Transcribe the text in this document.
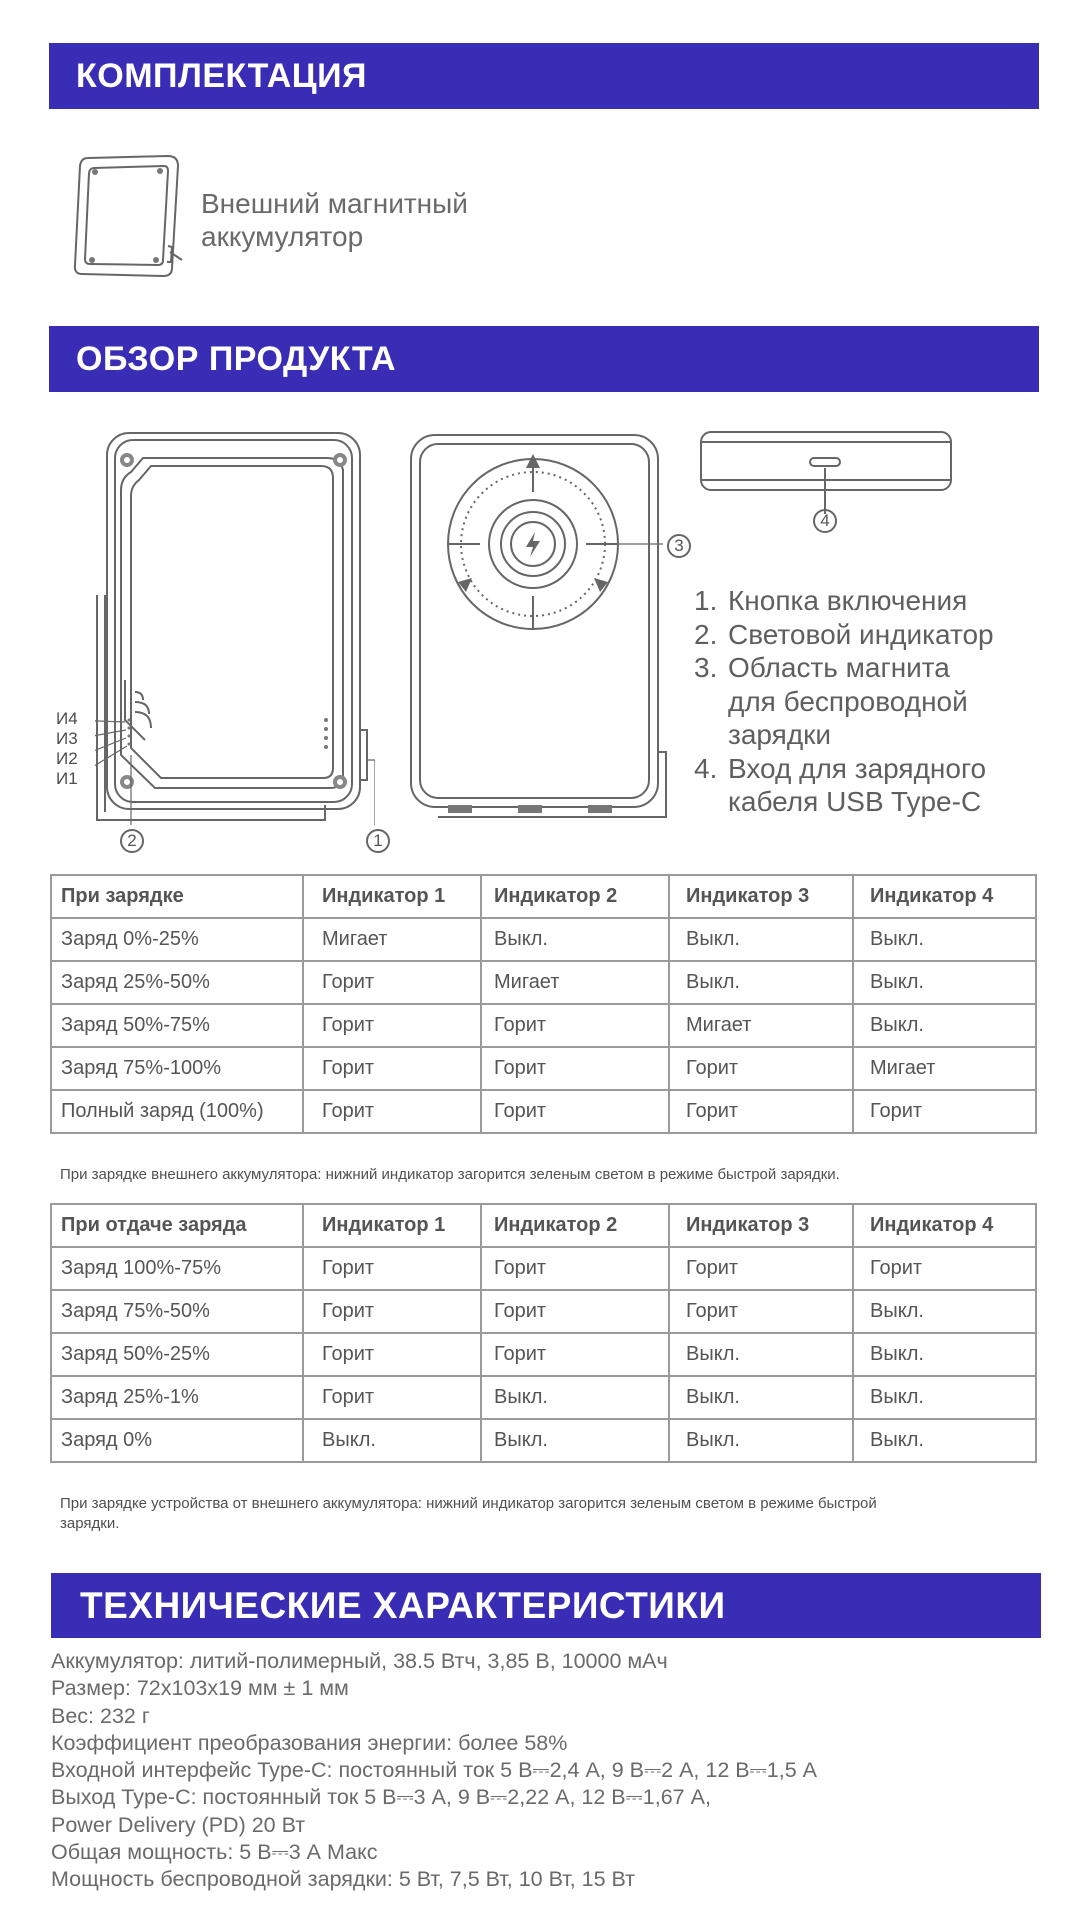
КОМПЛЕКТАЦИЯ
Внешний магнитный
аккумулятор
ОБЗОР ПРОДУКТА
И4
И3
И2
И1
2	1
3
4
1. Кнопка включения
2. Световой индикатор
3. Область магнита
для беспроводной
зарядки
4. Вход для зарядного
кабеля USB Type-C
При зарядке	Индикатор 1	Индикатор 2	Индикатор 3	Индикатор 4
Заряд 0%-25%	Мигает	Выкл.	Выкл.	Выкл.
Заряд 25%-50%	Горит	Мигает	Выкл.	Выкл.
Заряд 50%-75%	Горит	Горит	Мигает	Выкл.
Заряд 75%-100%	Горит	Горит	Горит	Мигает
Полный заряд (100%)	Горит	Горит	Горит	Горит
При зарядке внешнего аккумулятора: нижний индикатор загорится зеленым светом в режиме быстрой зарядки.
При отдаче заряда	Индикатор 1	Индикатор 2	Индикатор 3	Индикатор 4
Заряд 100%-75%	Горит	Горит	Горит	Горит
Заряд 75%-50%	Горит	Горит	Горит	Выкл.
Заряд 50%-25%	Горит	Горит	Выкл.	Выкл.
Заряд 25%-1%	Горит	Выкл.	Выкл.	Выкл.
Заряд 0%	Выкл.	Выкл.	Выкл.	Выкл.
При зарядке устройства от внешнего аккумулятора: нижний индикатор загорится зеленым светом в режиме быстрой зарядки.
ТЕХНИЧЕСКИЕ ХАРАКТЕРИСТИКИ
Аккумулятор: литий-полимерный, 38.5 Втч, 3,85 В, 10000 мАч
Размер: 72x103x19 мм ± 1 мм
Вес: 232 г
Коэффициент преобразования энергии: более 58%
Входной интерфейс Type-C: постоянный ток 5 В⎓2,4 А, 9 В⎓2 А, 12 В⎓1,5 А
Выход Type-C: постоянный ток 5 В⎓3 А, 9 В⎓2,22 А, 12 В⎓1,67 А,
Power Delivery (PD) 20 Вт
Общая мощность: 5 В⎓3 А Макс
Мощность беспроводной зарядки: 5 Вт, 7,5 Вт, 10 Вт, 15 Вт
